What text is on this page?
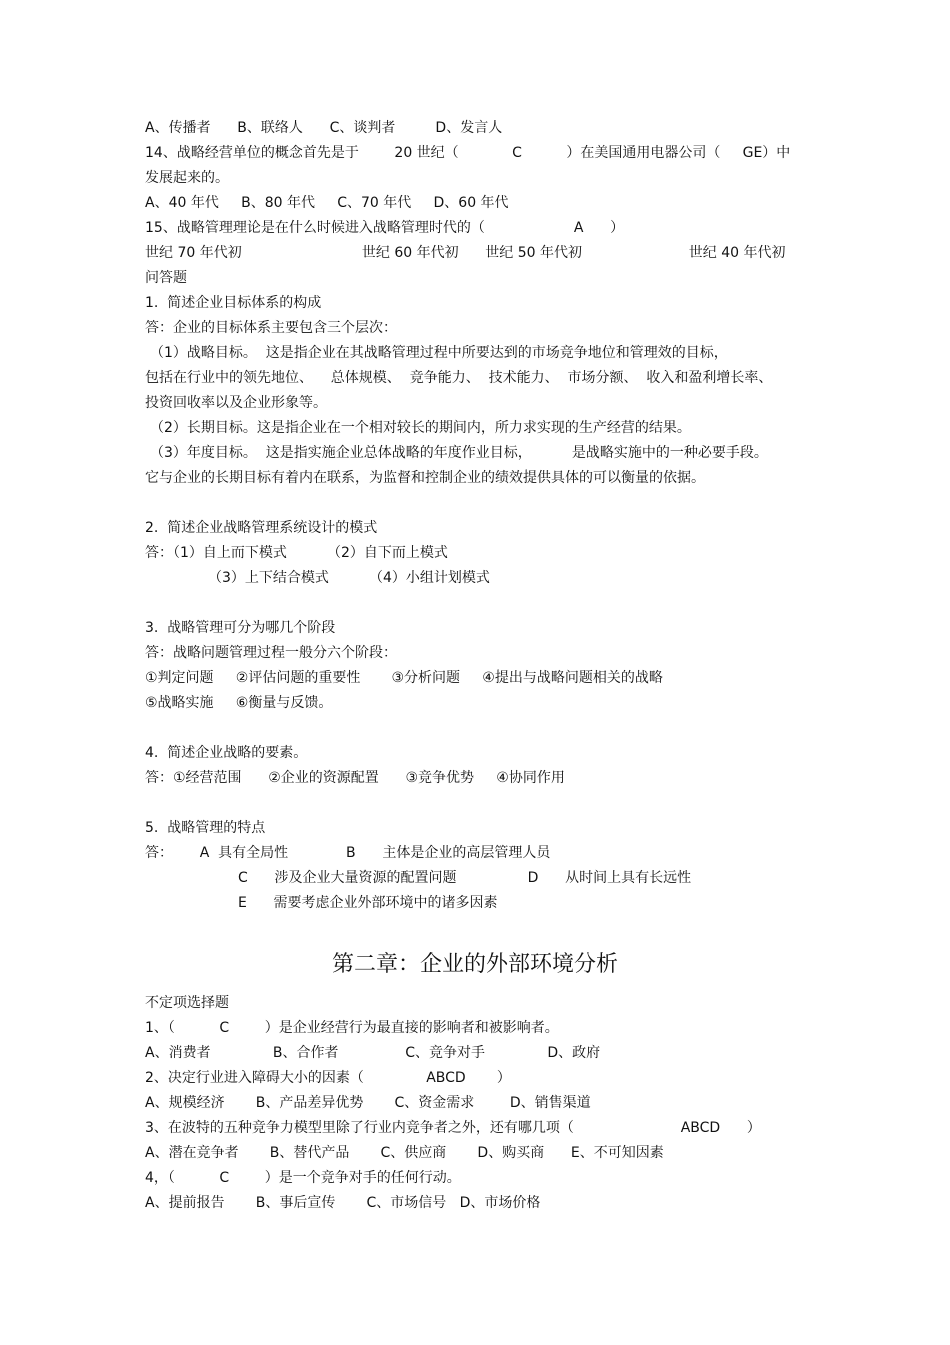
A、传播者      B、联络人      C、谈判者         D、发言人
14、战略经营单位的概念首先是于        20 世纪（            C          ）在美国通用电器公司（     GE）中
发展起来的。
A、40 年代     B、80 年代     C、70 年代     D、60 年代
15、战略管理理论是在什么时候进入战略管理时代的（                    A      ）
世纪 70 年代初                           世纪 60 年代初      世纪 50 年代初                        世纪 40 年代初
问答题
1.  简述企业目标体系的构成
答：企业的目标体系主要包含三个层次：
（1）战略目标。  这是指企业在其战略管理过程中所要达到的市场竞争地位和管理效的目标，
包括在行业中的领先地位、    总体规模、  竞争能力、  技术能力、  市场分额、  收入和盈利增长率、
投资回收率以及企业形象等。
（2）长期目标。这是指企业在一个相对较长的期间内，所力求实现的生产经营的结果。
（3）年度目标。  这是指实施企业总体战略的年度作业目标，         是战略实施中的一种必要手段。
它与企业的长期目标有着内在联系，为监督和控制企业的绩效提供具体的可以衡量的依据。
2.  简述企业战略管理系统设计的模式
答：（1）自上而下模式         （2）自下而上模式
（3）上下结合模式         （4）小组计划模式
3.  战略管理可分为哪几个阶段
答：战略问题管理过程一般分六个阶段：
①判定问题     ②评估问题的重要性       ③分析问题     ④提出与战略问题相关的战略
⑤战略实施     ⑥衡量与反馈。
4.  简述企业战略的要素。
答：①经营范围      ②企业的资源配置      ③竞争优势     ④协同作用
5.  战略管理的特点
答：      A  具有全局性             B      主体是企业的高层管理人员
C      涉及企业大量资源的配置问题                D      从时间上具有长远性
E      需要考虑企业外部环境中的诸多因素
第二章：企业的外部环境分析
不定项选择题
1、（          C        ）是企业经营行为最直接的影响者和被影响者。
A、消费者              B、合作者               C、竞争对手              D、政府
2、决定行业进入障碍大小的因素（              ABCD       ）
A、规模经济       B、产品差异优势       C、资金需求        D、销售渠道
3、在波特的五种竞争力模型里除了行业内竞争者之外，还有哪几项（                        ABCD      ）
A、潜在竞争者       B、替代产品       C、供应商       D、购买商      E、不可知因素
4，（          C        ）是一个竞争对手的任何行动。
A、提前报告       B、事后宣传       C、市场信号   D、市场价格
